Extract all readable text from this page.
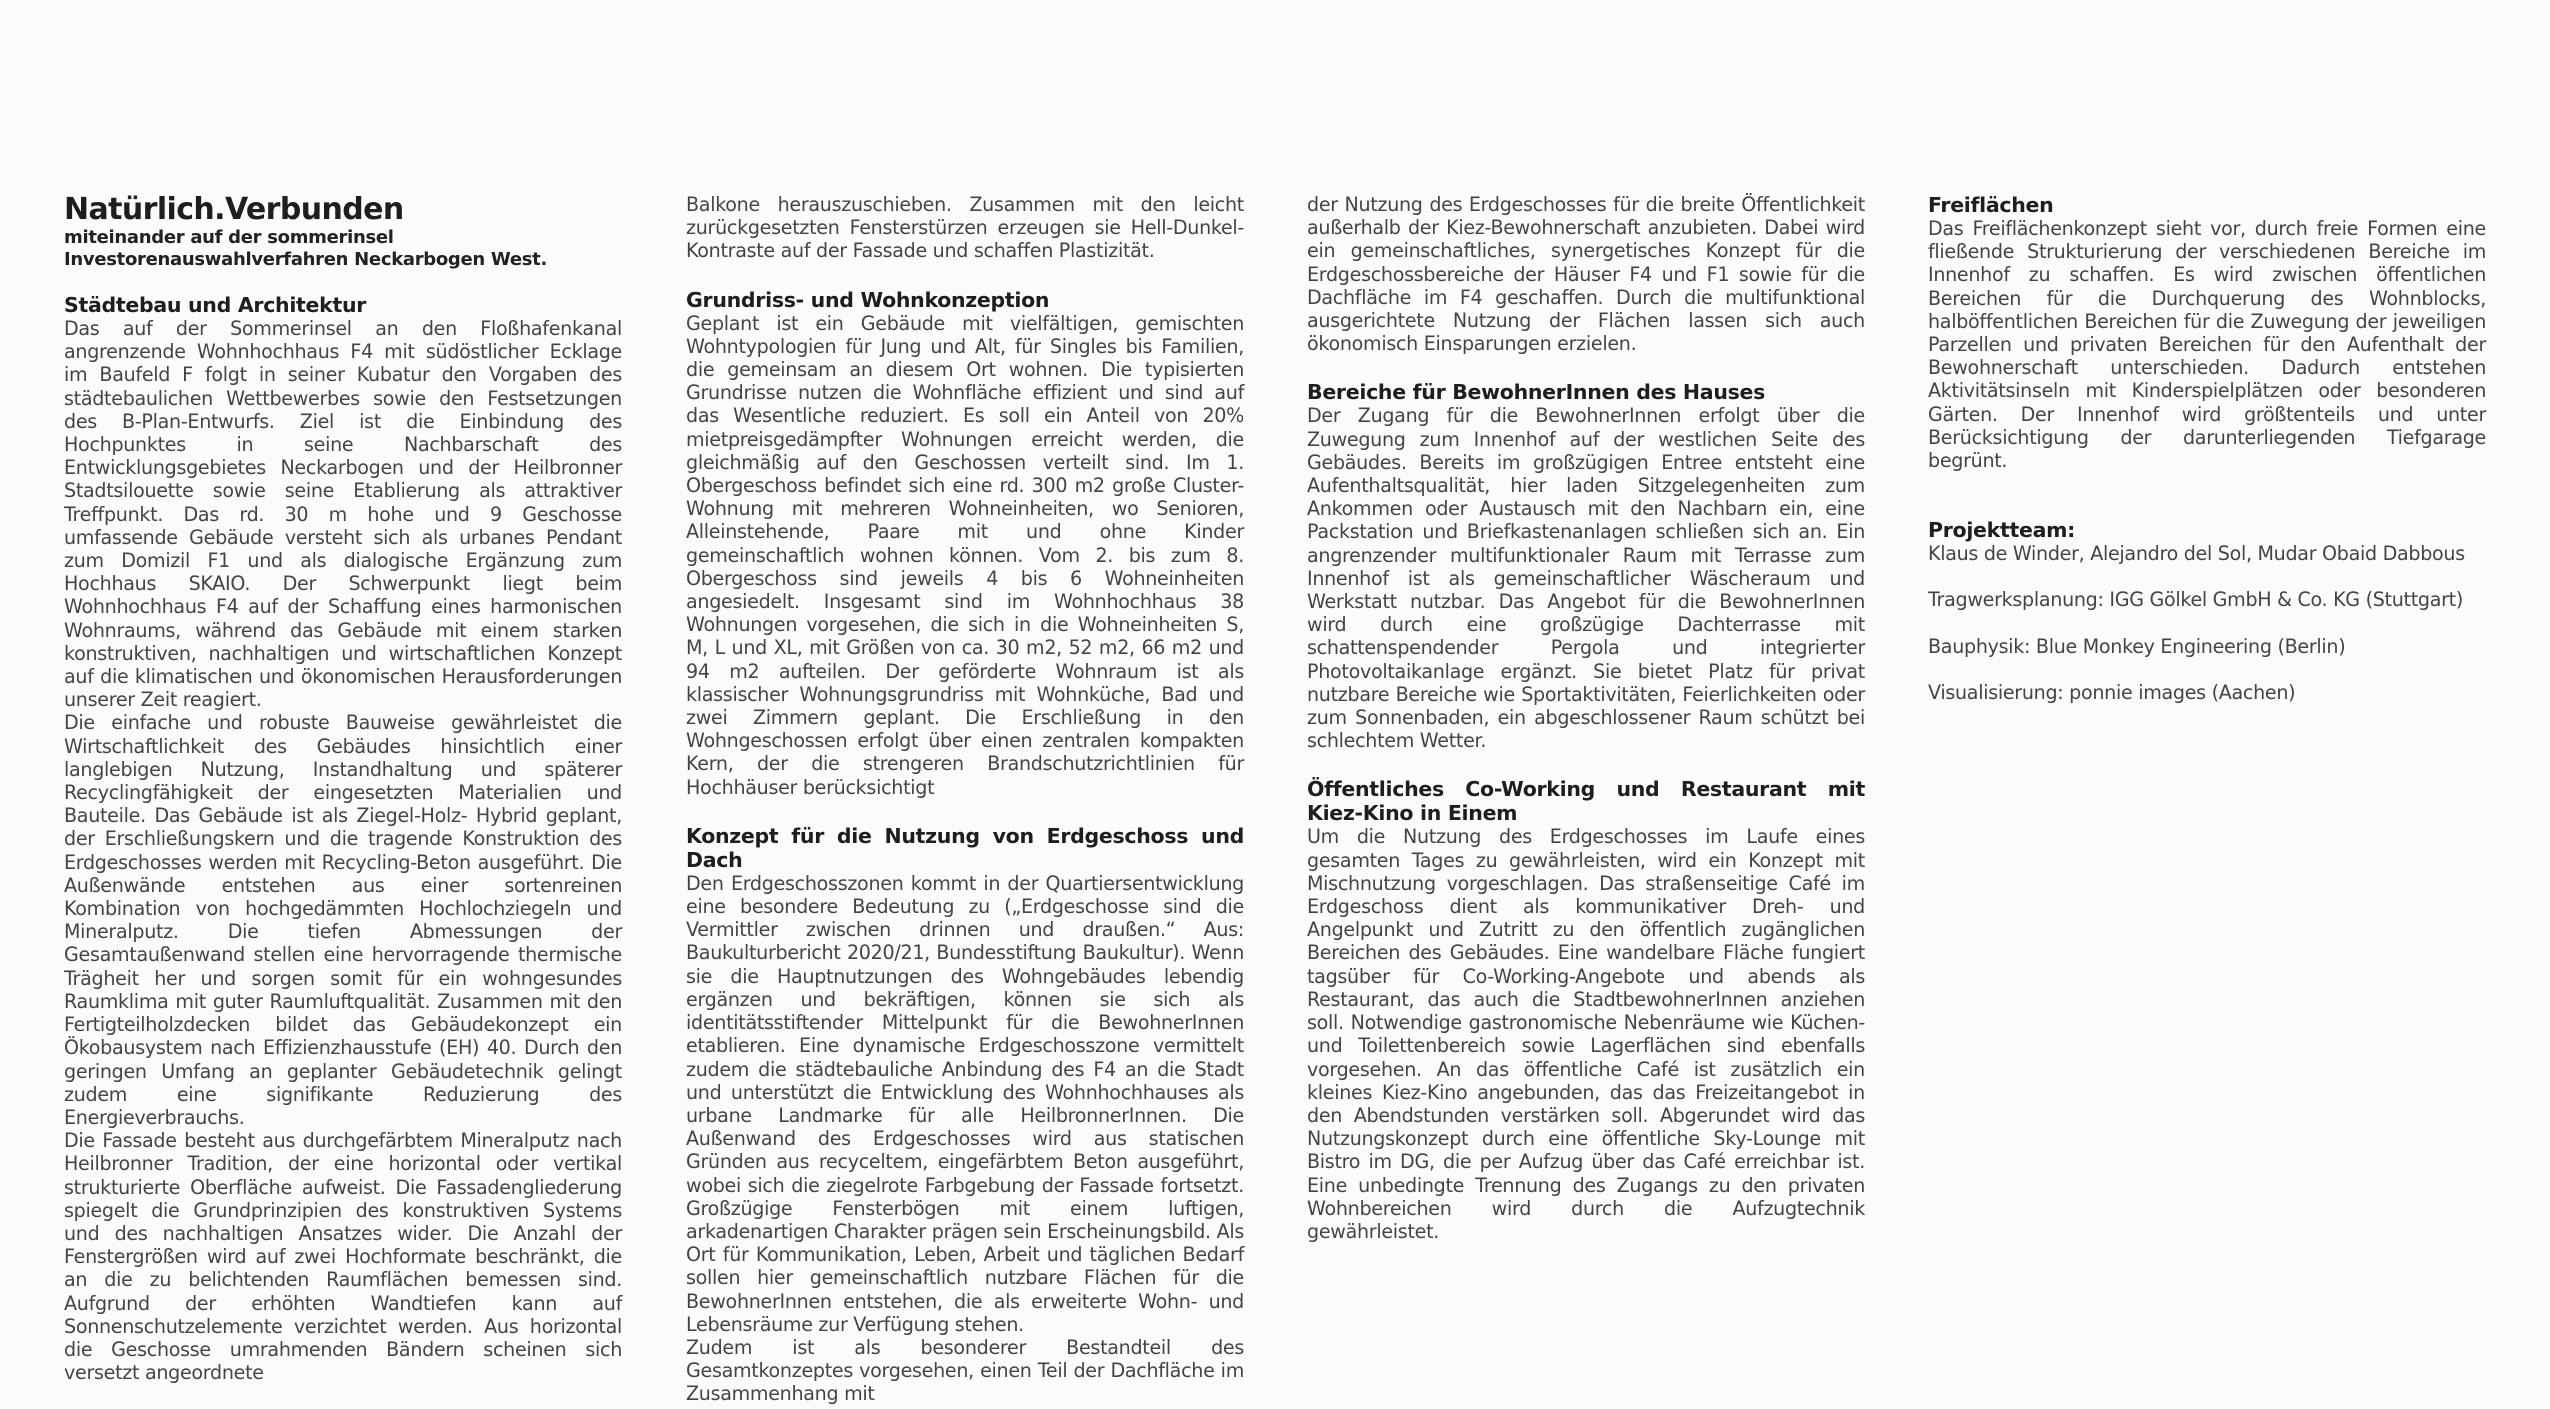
Natürlich.Verbunden

miteinander auf der sommerinsel

Investorenauswahlverfahren Neckarbogen West.

Städtebau und Architektur

Das auf der Sommerinsel an den Floßhafenkanal angrenzende Wohnhochhaus F4 mit südöstlicher Ecklage im Baufeld F folgt in seiner Kubatur den Vorgaben des städtebaulichen Wettbewerbes sowie den Festsetzungen des B-Plan-Entwurfs. Ziel ist die Einbindung des Hochpunktes in seine Nachbarschaft des Entwicklungsgebietes Neckarbogen und der Heilbronner Stadtsilouette sowie seine Etablierung als attraktiver Treffpunkt. Das rd. 30 m hohe und 9 Geschosse umfassende Gebäude versteht sich als urbanes Pendant zum Domizil F1 und als dialogische Ergänzung zum Hochhaus SKAIO. Der Schwerpunkt liegt beim Wohnhochhaus F4 auf der Schaffung eines harmonischen Wohnraums, während das Gebäude mit einem starken konstruktiven, nachhaltigen und wirtschaftlichen Konzept auf die klimatischen und ökonomischen Herausforderungen unserer Zeit reagiert.

Die einfache und robuste Bauweise gewährleistet die Wirtschaftlichkeit des Gebäudes hinsichtlich einer langlebigen Nutzung, Instandhaltung und späterer Recyclingfähigkeit der eingesetzten Materialien und Bauteile. Das Gebäude ist als Ziegel-Holz- Hybrid geplant, der Erschließungskern und die tragende Konstruktion des Erdgeschosses werden mit Recycling-Beton ausgeführt. Die Außenwände entstehen aus einer sortenreinen Kombination von hochgedämmten Hochlochziegeln und Mineralputz. Die tiefen Abmessungen der Gesamtaußenwand stellen eine hervorragende thermische Trägheit her und sorgen somit für ein wohngesundes Raumklima mit guter Raumluftqualität. Zusammen mit den Fertigteilholzdecken bildet das Gebäudekonzept ein Ökobausystem nach Effizienzhausstufe (EH) 40. Durch den geringen Umfang an geplanter Gebäudetechnik gelingt zudem eine signifikante Reduzierung des Energieverbrauchs.

Die Fassade besteht aus durchgefärbtem Mineralputz nach Heilbronner Tradition, der eine horizontal oder vertikal strukturierte Oberfläche aufweist. Die Fassadengliederung spiegelt die Grundprinzipien des konstruktiven Systems und des nachhaltigen Ansatzes wider. Die Anzahl der Fenstergrößen wird auf zwei Hochformate beschränkt, die an die zu belichtenden Raumflächen bemessen sind. Aufgrund der erhöhten Wandtiefen kann auf Sonnenschutzelemente verzichtet werden. Aus horizontal die Geschosse umrahmenden Bändern scheinen sich versetzt angeordnete

Balkone herauszuschieben. Zusammen mit den leicht zurückgesetzten Fensterstürzen erzeugen sie Hell-Dunkel-Kontraste auf der Fassade und schaffen Plastizität.

Grundriss- und Wohnkonzeption

Geplant ist ein Gebäude mit vielfältigen, gemischten Wohntypologien für Jung und Alt, für Singles bis Familien, die gemeinsam an diesem Ort wohnen. Die typisierten Grundrisse nutzen die Wohnfläche effizient und sind auf das Wesentliche reduziert. Es soll ein Anteil von 20% mietpreisgedämpfter Wohnungen erreicht werden, die gleichmäßig auf den Geschossen verteilt sind. Im 1. Obergeschoss befindet sich eine rd. 300 m2 große Cluster-Wohnung mit mehreren Wohneinheiten, wo Senioren, Alleinstehende, Paare mit und ohne Kinder gemeinschaftlich wohnen können. Vom 2. bis zum 8. Obergeschoss sind jeweils 4 bis 6 Wohneinheiten angesiedelt. Insgesamt sind im Wohnhochhaus 38 Wohnungen vorgesehen, die sich in die Wohneinheiten S, M, L und XL, mit Größen von ca. 30 m2, 52 m2, 66 m2 und 94 m2 aufteilen. Der geförderte Wohnraum ist als klassischer Wohnungsgrundriss mit Wohnküche, Bad und zwei Zimmern geplant. Die Erschließung in den Wohngeschossen erfolgt über einen zentralen kompakten Kern, der die strengeren Brandschutzrichtlinien für Hochhäuser berücksichtigt

Konzept für die Nutzung von Erdgeschoss und Dach

Den Erdgeschosszonen kommt in der Quartiersentwicklung eine besondere Bedeutung zu („Erdgeschosse sind die Vermittler zwischen drinnen und draußen.“ Aus: Baukulturbericht 2020/21, Bundesstiftung Baukultur). Wenn sie die Hauptnutzungen des Wohngebäudes lebendig ergänzen und bekräftigen, können sie sich als identitätsstiftender Mittelpunkt für die BewohnerInnen etablieren. Eine dynamische Erdgeschosszone vermittelt zudem die städtebauliche Anbindung des F4 an die Stadt und unterstützt die Entwicklung des Wohnhochhauses als urbane Landmarke für alle HeilbronnerInnen. Die Außenwand des Erdgeschosses wird aus statischen Gründen aus recyceltem, eingefärbtem Beton ausgeführt, wobei sich die ziegelrote Farbgebung der Fassade fortsetzt. Großzügige Fensterbögen mit einem luftigen, arkadenartigen Charakter prägen sein Erscheinungsbild. Als Ort für Kommunikation, Leben, Arbeit und täglichen Bedarf sollen hier gemeinschaftlich nutzbare Flächen für die BewohnerInnen entstehen, die als erweiterte Wohn- und Lebensräume zur Verfügung stehen.

Zudem ist als besonderer Bestandteil des Gesamtkonzeptes vorgesehen, einen Teil der Dachfläche im Zusammenhang mit

der Nutzung des Erdgeschosses für die breite Öffentlichkeit außerhalb der Kiez-Bewohnerschaft anzubieten. Dabei wird ein gemeinschaftliches, synergetisches Konzept für die Erdgeschossbereiche der Häuser F4 und F1 sowie für die Dachfläche im F4 geschaffen. Durch die multifunktional ausgerichtete Nutzung der Flächen lassen sich auch ökonomisch Einsparungen erzielen.

Bereiche für BewohnerInnen des Hauses

Der Zugang für die BewohnerInnen erfolgt über die Zuwegung zum Innenhof auf der westlichen Seite des Gebäudes. Bereits im großzügigen Entree entsteht eine Aufenthaltsqualität, hier laden Sitzgelegenheiten zum Ankommen oder Austausch mit den Nachbarn ein, eine Packstation und Briefkastenanlagen schließen sich an. Ein angrenzender multifunktionaler Raum mit Terrasse zum Innenhof ist als gemeinschaftlicher Wäscheraum und Werkstatt nutzbar. Das Angebot für die BewohnerInnen wird durch eine großzügige Dachterrasse mit schattenspendender Pergola und integrierter Photovoltaikanlage ergänzt. Sie bietet Platz für privat nutzbare Bereiche wie Sportaktivitäten, Feierlichkeiten oder zum Sonnenbaden, ein abgeschlossener Raum schützt bei schlechtem Wetter.

Öffentliches Co-Working und Restaurant mit Kiez-Kino in Einem

Um die Nutzung des Erdgeschosses im Laufe eines gesamten Tages zu gewährleisten, wird ein Konzept mit Mischnutzung vorgeschlagen. Das straßenseitige Café im Erdgeschoss dient als kommunikativer Dreh- und Angelpunkt und Zutritt zu den öffentlich zugänglichen Bereichen des Gebäudes. Eine wandelbare Fläche fungiert tagsüber für Co-Working-Angebote und abends als Restaurant, das auch die StadtbewohnerInnen anziehen soll. Notwendige gastronomische Nebenräume wie Küchen- und Toilettenbereich sowie Lagerflächen sind ebenfalls vorgesehen. An das öffentliche Café ist zusätzlich ein kleines Kiez-Kino angebunden, das das Freizeitangebot in den Abendstunden verstärken soll. Abgerundet wird das Nutzungskonzept durch eine öffentliche Sky-Lounge mit Bistro im DG, die per Aufzug über das Café erreichbar ist. Eine unbedingte Trennung des Zugangs zu den privaten Wohnbereichen wird durch die Aufzugtechnik gewährleistet.

Freiflächen

Das Freiflächenkonzept sieht vor, durch freie Formen eine fließende Strukturierung der verschiedenen Bereiche im Innenhof zu schaffen. Es wird zwischen öffentlichen Bereichen für die Durchquerung des Wohnblocks, halböffentlichen Bereichen für die Zuwegung der jeweiligen Parzellen und privaten Bereichen für den Aufenthalt der Bewohnerschaft unterschieden. Dadurch entstehen Aktivitätsinseln mit Kinderspielplätzen oder besonderen Gärten. Der Innenhof wird größtenteils und unter Berücksichtigung der darunterliegenden Tiefgarage begrünt.

Projektteam:

Klaus de Winder, Alejandro del Sol, Mudar Obaid Dabbous

Tragwerksplanung: IGG Gölkel GmbH & Co. KG (Stuttgart)

Bauphysik: Blue Monkey Engineering (Berlin)

Visualisierung: ponnie images (Aachen)
